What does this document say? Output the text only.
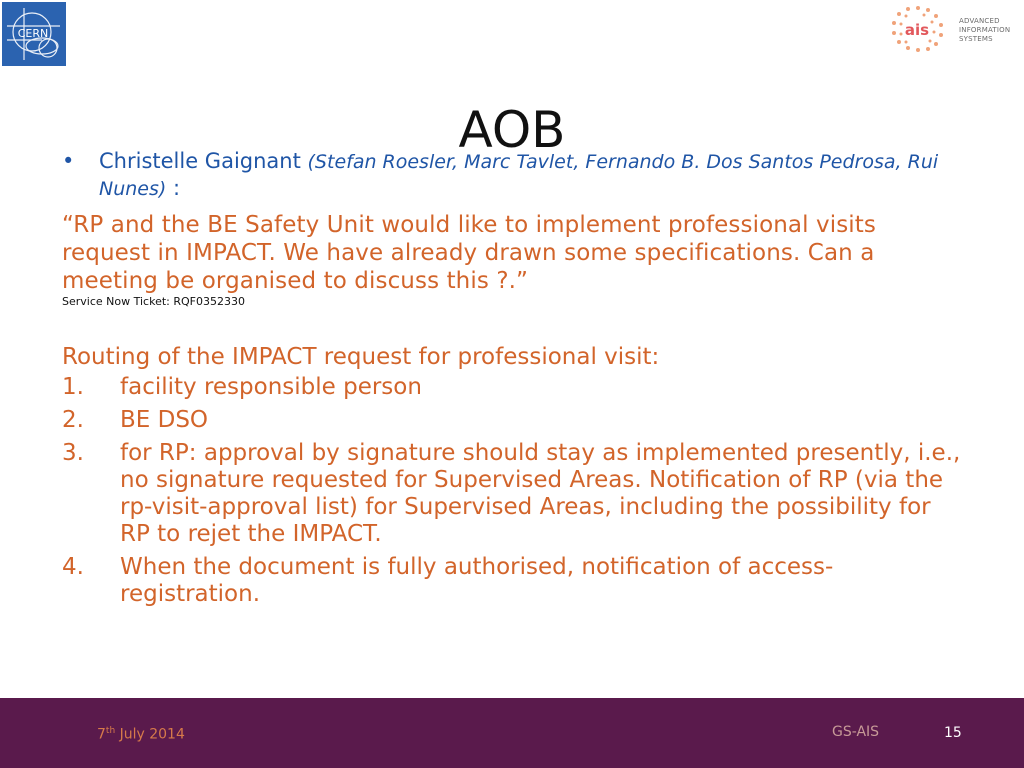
CERN	ais	ADVANCED
INFORMATION
SYSTEMS
AOB
• Christelle Gaignant (Stefan Roesler, Marc Tavlet, Fernando B. Dos Santos Pedrosa, Rui Nunes) :
“RP and the BE Safety Unit would like to implement professional visits request in IMPACT. We have already drawn some specifications. Can a meeting be organised to discuss this ?.”
Service Now Ticket: RQF0352330
Routing of the IMPACT request for professional visit:
1. facility responsible person
2. BE DSO
3. for RP: approval by signature should stay as implemented presently, i.e., no signature requested for Supervised Areas. Notification of RP (via the rp-visit-approval list) for Supervised Areas, including the possibility for RP to rejet the IMPACT.
4. When the document is fully authorised, notification of access-registration.
7th July 2014	GS-AIS	15
